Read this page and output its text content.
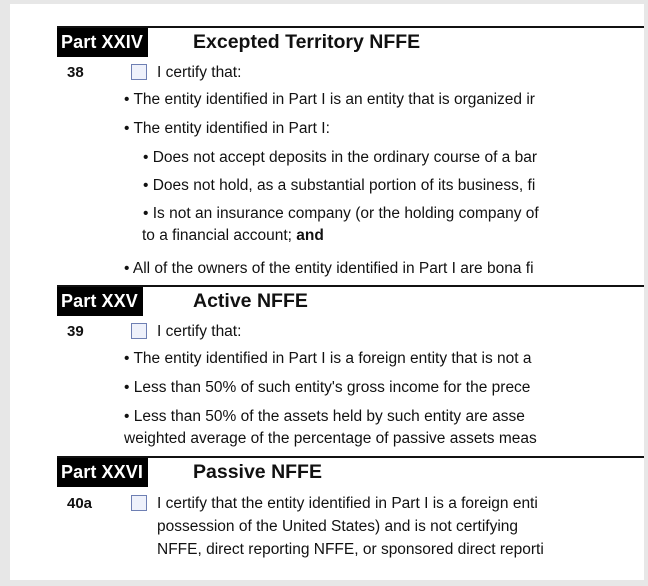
Part XXIV	Excepted Territory NFFE
38	I certify that:
• The entity identified in Part I is an entity that is organized ir
• The entity identified in Part I:
• Does not accept deposits in the ordinary course of a bar
• Does not hold, as a substantial portion of its business, fi
• Is not an insurance company (or the holding company of
to a financial account; and
• All of the owners of the entity identified in Part I are bona fi
Part XXV	Active NFFE
39	I certify that:
• The entity identified in Part I is a foreign entity that is not a
• Less than 50% of such entity's gross income for the prece
• Less than 50% of the assets held by such entity are asse
weighted average of the percentage of passive assets meas
Part XXVI	Passive NFFE
40a	I certify that the entity identified in Part I is a foreign enti
possession of the United States) and is not certifying
NFFE, direct reporting NFFE, or sponsored direct reporti
